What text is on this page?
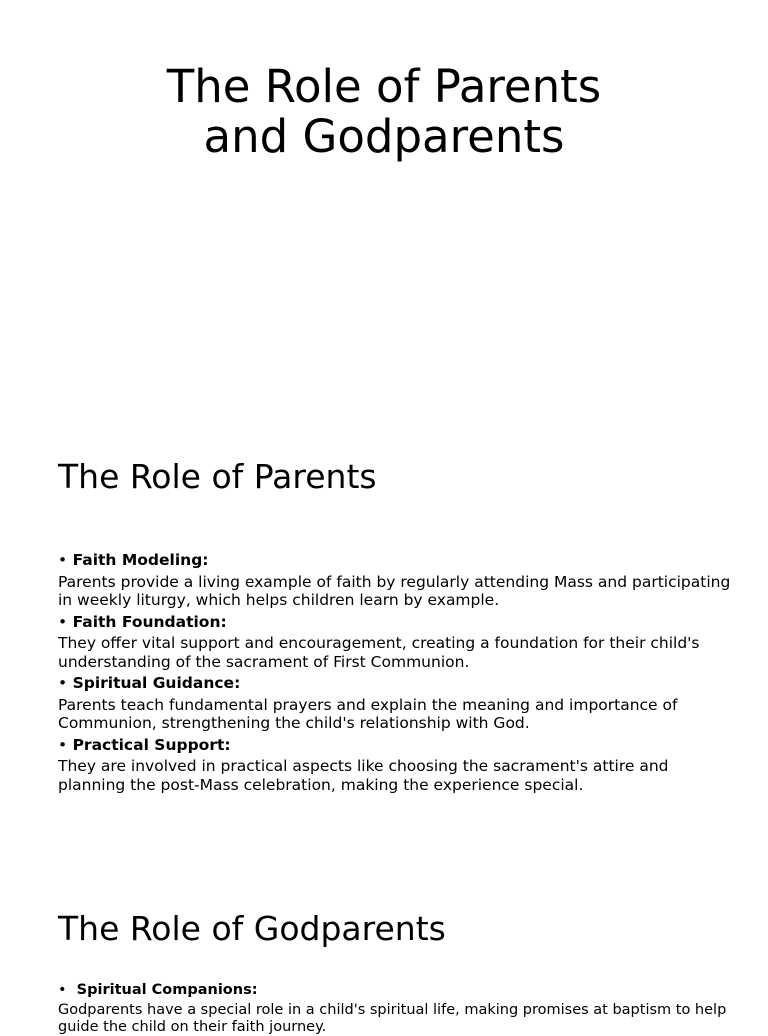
The Role of Parents
and Godparents
The Role of Parents
• Faith Modeling:
Parents provide a living example of faith by regularly attending Mass and participating in weekly liturgy, which helps children learn by example.
• Faith Foundation:
They offer vital support and encouragement, creating a foundation for their child's understanding of the sacrament of First Communion.
• Spiritual Guidance:
Parents teach fundamental prayers and explain the meaning and importance of Communion, strengthening the child's relationship with God.
• Practical Support:
They are involved in practical aspects like choosing the sacrament's attire and planning the post-Mass celebration, making the experience special.
The Role of Godparents
• Spiritual Companions:
Godparents have a special role in a child's spiritual life, making promises at baptism to help guide the child on their faith journey.
